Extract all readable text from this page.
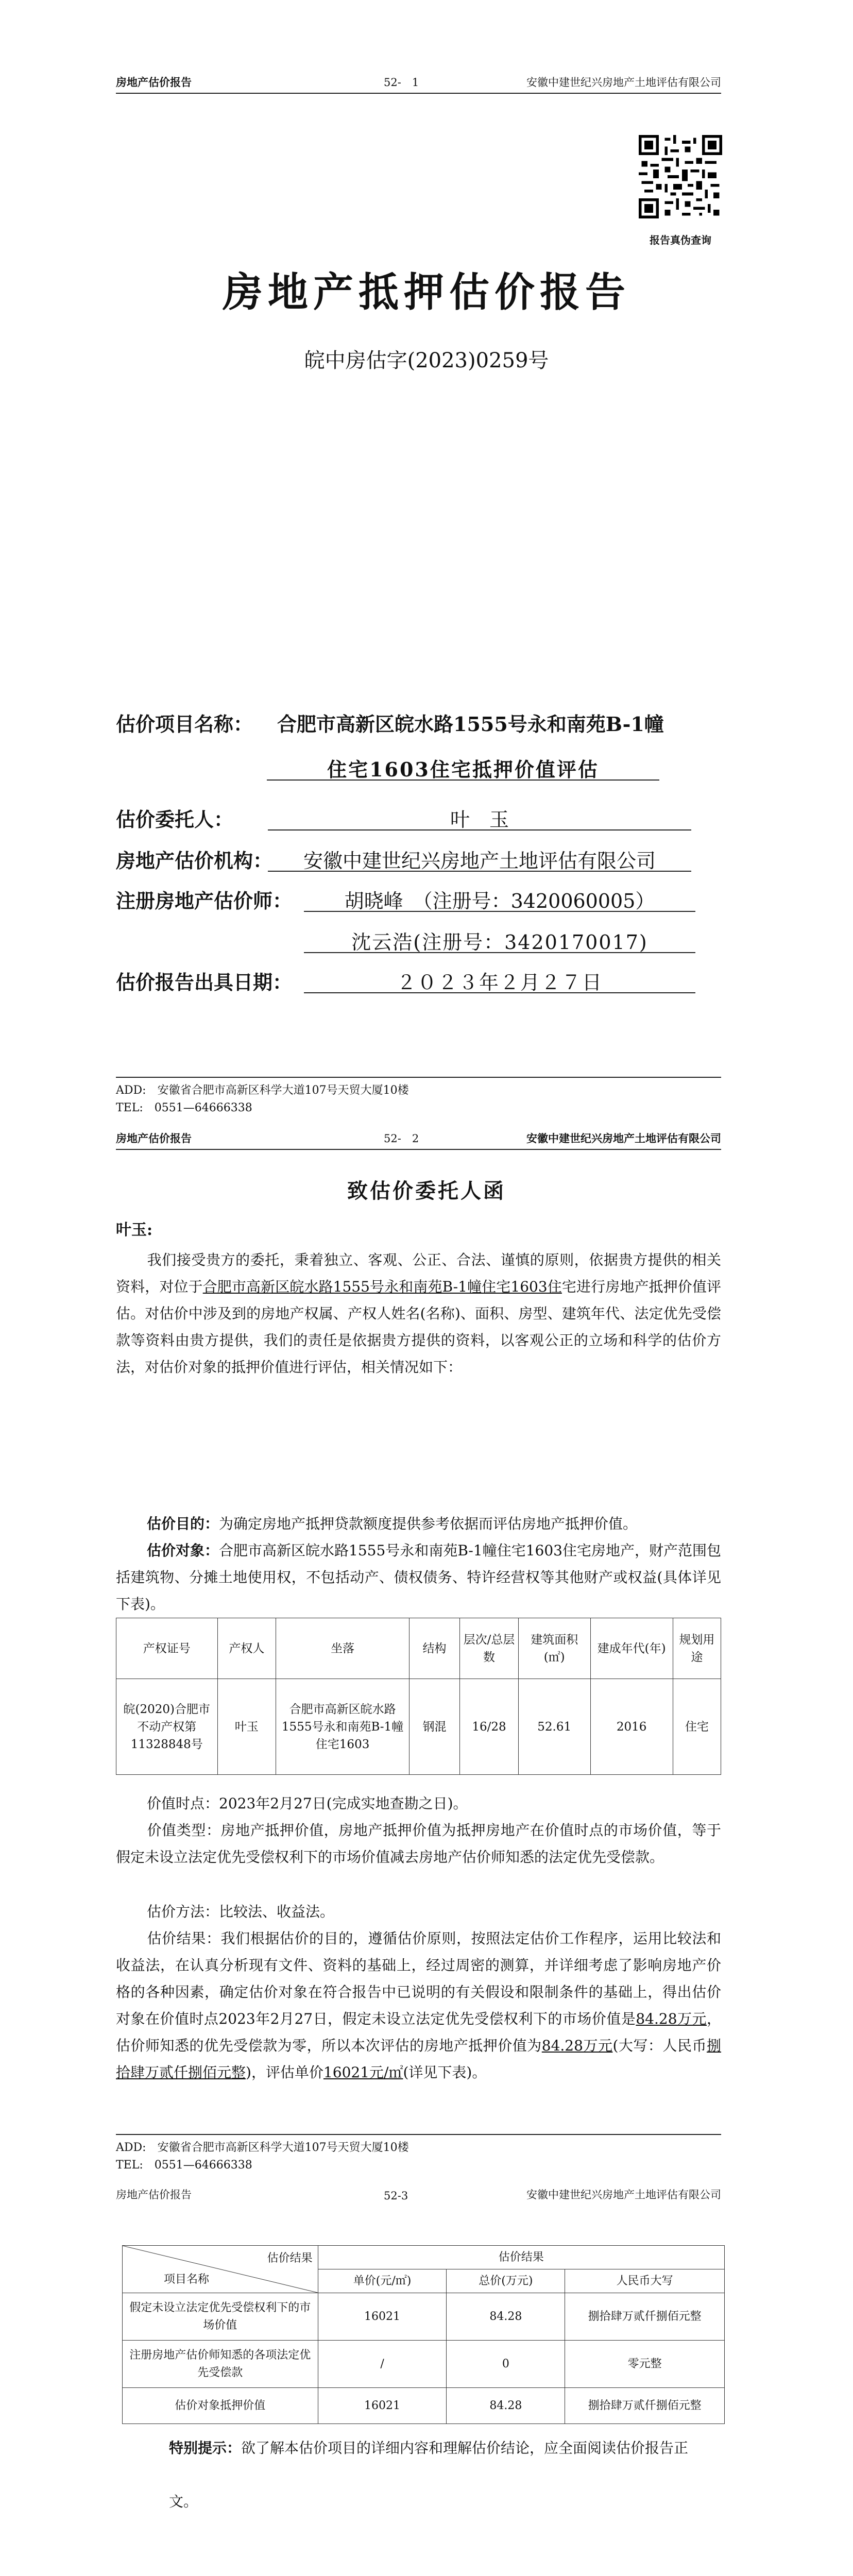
房地产估价报告	52-　1	安徽中建世纪兴房地产土地评估有限公司
报告真伪查询
房地产抵押估价报告
皖中房估字(2023)0259号
估价项目名称： 合肥市高新区皖水路1555号永和南苑B-1幢
住宅1603住宅抵押价值评估
估价委托人：	叶　玉
房地产估价机构：	安徽中建世纪兴房地产土地评估有限公司
注册房地产估价师：	胡晓峰　（注册号：3420060005）
沈云浩(注册号：3420170017)
估价报告出具日期：	２０２３年２月２７日
ADD:　安徽省合肥市高新区科学大道107号天贸大厦10楼
TEL:　0551—64666338
房地产估价报告	52-　2	安徽中建世纪兴房地产土地评估有限公司
致估价委托人函
叶玉:
我们接受贵方的委托，秉着独立、客观、公正、合法、谨慎的原则，依据贵方提供的相关资料，对位于合肥市高新区皖水路1555号永和南苑B-1幢住宅1603住宅进行房地产抵押价值评估。对估价中涉及到的房地产权属、产权人姓名(名称)、面积、房型、建筑年代、法定优先受偿款等资料由贵方提供，我们的责任是依据贵方提供的资料，以客观公正的立场和科学的估价方法，对估价对象的抵押价值进行评估，相关情况如下：
估价目的：为确定房地产抵押贷款额度提供参考依据而评估房地产抵押价值。
估价对象：合肥市高新区皖水路1555号永和南苑B-1幢住宅1603住宅房地产，财产范围包括建筑物、分摊土地使用权，不包括动产、债权债务、特许经营权等其他财产或权益(具体详见下表)。
产权证号	产权人	坐落	结构	层次/总层数	建筑面积(㎡)	建成年代(年)	规划用途
皖(2020)合肥市不动产权第11328848号	叶玉	合肥市高新区皖水路1555号永和南苑B-1幢住宅1603	钢混	16/28	52.61	2016	住宅
价值时点：2023年2月27日(完成实地查勘之日)。
价值类型：房地产抵押价值，房地产抵押价值为抵押房地产在价值时点的市场价值，等于假定未设立法定优先受偿权利下的市场价值减去房地产估价师知悉的法定优先受偿款。
估价方法：比较法、收益法。
估价结果：我们根据估价的目的，遵循估价原则，按照法定估价工作程序，运用比较法和收益法，在认真分析现有文件、资料的基础上，经过周密的测算，并详细考虑了影响房地产价格的各种因素，确定估价对象在符合报告中已说明的有关假设和限制条件的基础上，得出估价对象在价值时点2023年2月27日，假定未设立法定优先受偿权利下的市场价值是84.28万元，估价师知悉的优先受偿款为零，所以本次评估的房地产抵押价值为84.28万元(大写：人民币捌拾肆万贰仟捌佰元整)，评估单价16021元/㎡(详见下表)。
ADD:　安徽省合肥市高新区科学大道107号天贸大厦10楼
TEL:　0551—64666338
房地产估价报告	52-3	安徽中建世纪兴房地产土地评估有限公司
估价结果
项目名称	估价结果		
	单价(元/㎡)	总价(万元)	人民币大写
假定未设立法定优先受偿权利下的市场价值	16021	84.28	捌拾肆万贰仟捌佰元整
注册房地产估价师知悉的各项法定优先受偿款	/	0	零元整
估价对象抵押价值	16021	84.28	捌拾肆万贰仟捌佰元整
特别提示：欲了解本估价项目的详细内容和理解估价结论，应全面阅读估价报告正文。
